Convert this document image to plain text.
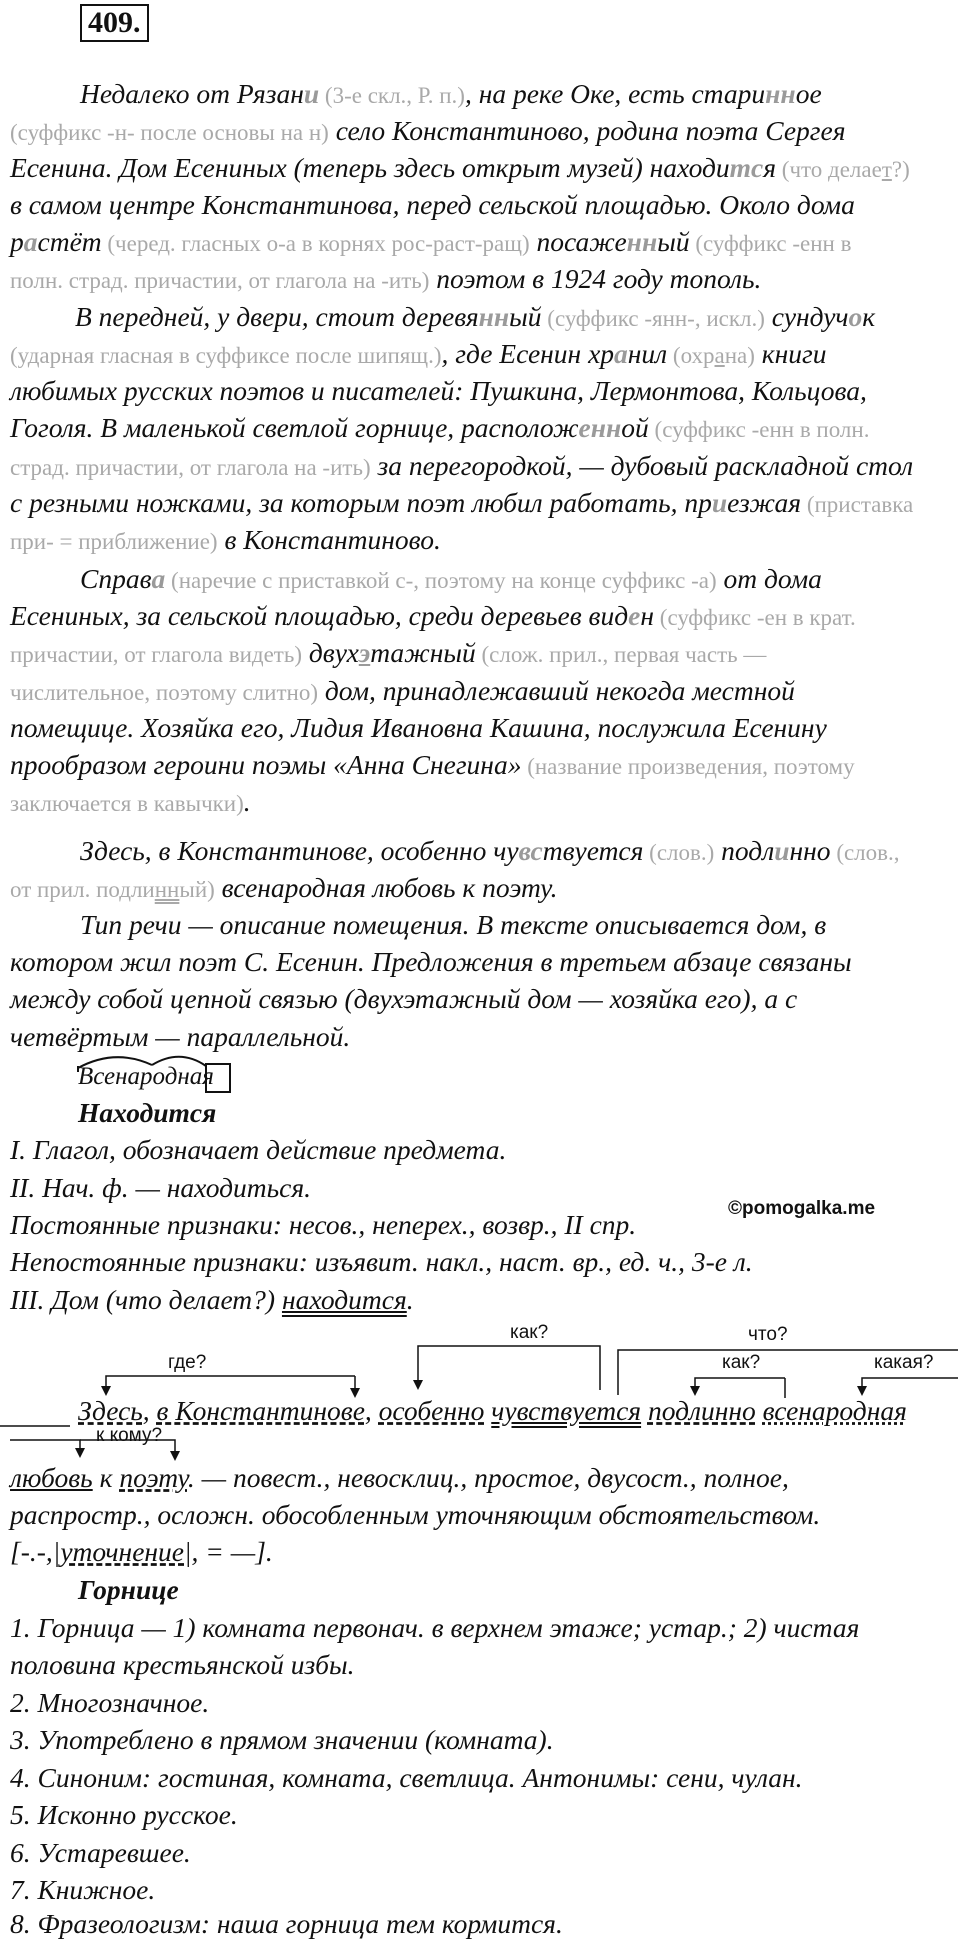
409.
Недалеко от Рязани (3-е скл., Р. п.), на реке Оке, есть старинное
(суффикс -н- после основы на н) село Константиново, родина поэта Сергея
Есенина. Дом Есениных (теперь здесь открыт музей) находится (что делает?)
в самом центре Константинова, перед сельской площадью. Около дома
растёт (черед. гласных о-а в корнях рос-раст-ращ) посаженный (суффикс -енн в
полн. страд. причастии, от глагола на -ить) поэтом в 1924 году тополь.
В передней, у двери, стоит деревянный (суффикс -янн-, искл.) сундучок
(ударная гласная в суффиксе после шипящ.), где Есенин хранил (охрана) книги
любимых русских поэтов и писателей: Пушкина, Лермонтова, Кольцова,
Гоголя. В маленькой светлой горнице, расположенной (суффикс -енн в полн.
страд. причастии, от глагола на -ить) за перегородкой, — дубовый раскладной стол
с резными ножками, за которым поэт любил работать, приезжая (приставка
при- = приближение) в Константиново.
Справа (наречие с приставкой с-, поэтому на конце суффикс -а) от дома
Есениных, за сельской площадью, среди деревьев виден (суффикс -ен в крат.
причастии, от глагола видеть) двухэтажный (слож. прил., первая часть —
числительное, поэтому слитно) дом, принадлежавший некогда местной
помещице. Хозяйка его, Лидия Ивановна Кашина, послужила Есенину
прообразом героини поэмы «Анна Снегина» (название произведения, поэтому
заключается в кавычки).
Здесь, в Константинове, особенно чувствуется (слов.) подлинно (слов.,
от прил. подлинный) всенародная любовь к поэту.
Тип речи — описание помещения. В тексте описывается дом, в
котором жил поэт С. Есенин. Предложения в третьем абзаце связаны
между собой цепной связью (двухэтажный дом — хозяйка его), а с
четвёртым — параллельной.
Всенародная
Находится
I. Глагол, обозначает действие предмета.
II. Нач. ф. — находиться.
Постоянные признаки: несов., неперех., возвр., II спр.
Непостоянные признаки: изъявит. накл., наст. вр., ед. ч., 3-е л.
III. Дом (что делает?) находится.
©pomogalka.me
как?	что?
где?	как?	какая?
к кому?
Здесь, в Константинове, особенно чувствуется подлинно всенародная
любовь к поэту. — повест., невосклиц., простое, двусост., полное,
распростр., осложн. обособленным уточняющим обстоятельством.
[-.-,|уточнение|, = —].
Горнице
1. Горница — 1) комната первонач. в верхнем этаже; устар.; 2) чистая
половина крестьянской избы.
2. Многозначное.
3. Употреблено в прямом значении (комната).
4. Синоним: гостиная, комната, светлица. Антонимы: сени, чулан.
5. Исконно русское.
6. Устаревшее.
7. Книжное.
8. Фразеологизм: наша горница тем кормится.
